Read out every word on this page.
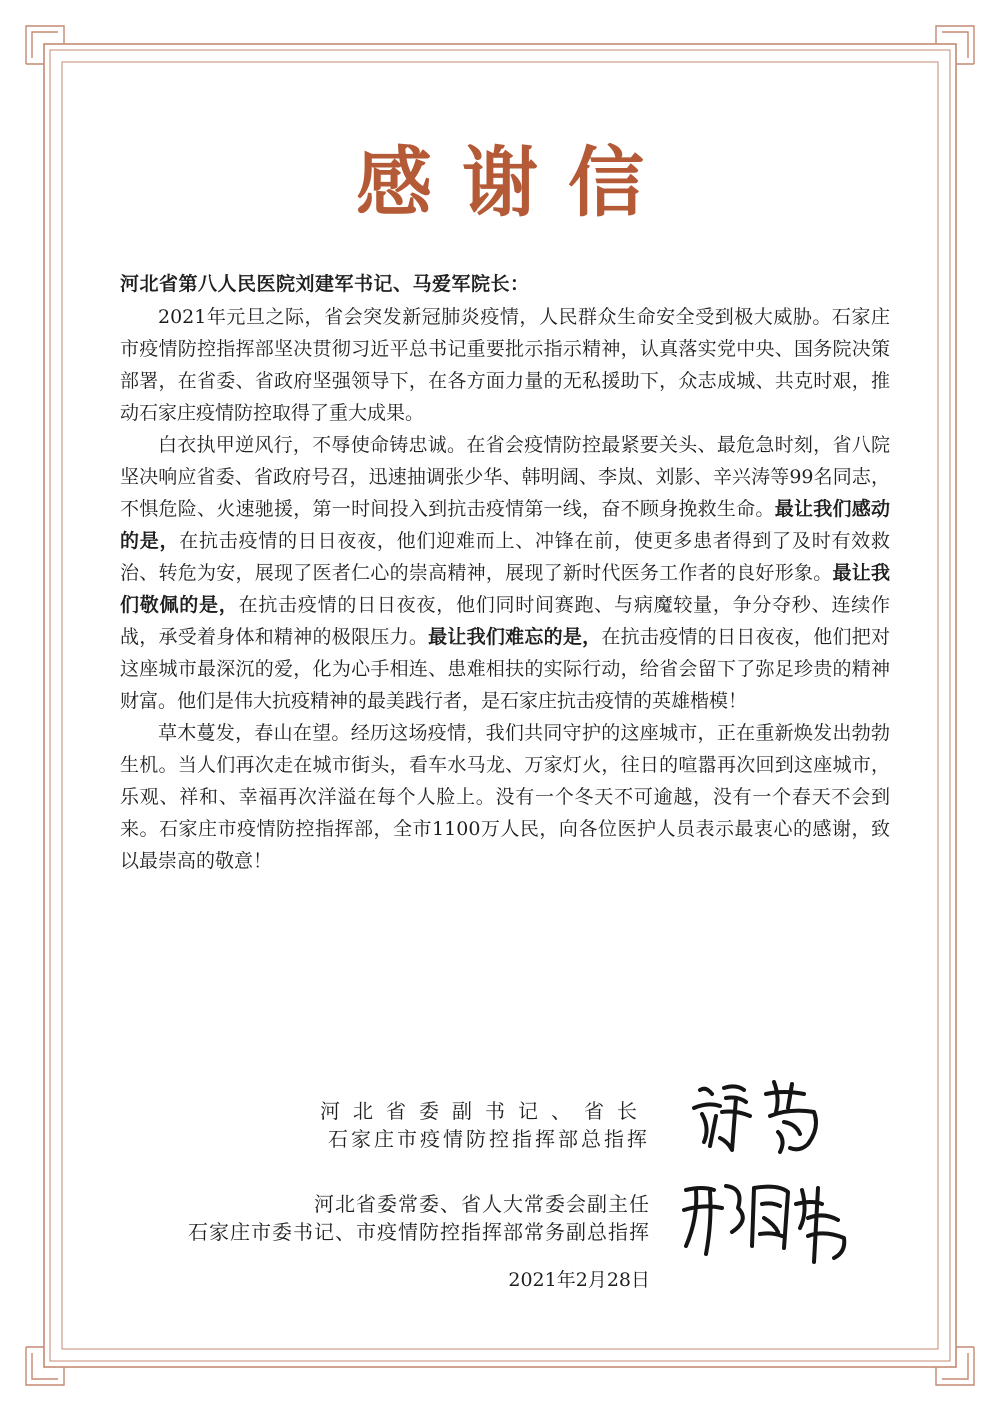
感谢信

河北省第八人民医院刘建军书记、马爱军院长：

2021年元旦之际，省会突发新冠肺炎疫情，人民群众生命安全受到极大威胁。石家庄市疫情防控指挥部坚决贯彻习近平总书记重要批示指示精神，认真落实党中央、国务院决策部署，在省委、省政府坚强领导下，在各方面力量的无私援助下，众志成城、共克时艰，推动石家庄疫情防控取得了重大成果。

白衣执甲逆风行，不辱使命铸忠诚。在省会疫情防控最紧要关头、最危急时刻，省八院坚决响应省委、省政府号召，迅速抽调张少华、韩明阔、李岚、刘影、辛兴涛等99名同志，不惧危险、火速驰援，第一时间投入到抗击疫情第一线，奋不顾身挽救生命。最让我们感动的是，在抗击疫情的日日夜夜，他们迎难而上、冲锋在前，使更多患者得到了及时有效救治、转危为安，展现了医者仁心的崇高精神，展现了新时代医务工作者的良好形象。最让我们敬佩的是，在抗击疫情的日日夜夜，他们同时间赛跑、与病魔较量，争分夺秒、连续作战，承受着身体和精神的极限压力。最让我们难忘的是，在抗击疫情的日日夜夜，他们把对这座城市最深沉的爱，化为心手相连、患难相扶的实际行动，给省会留下了弥足珍贵的精神财富。他们是伟大抗疫精神的最美践行者，是石家庄抗击疫情的英雄楷模！

草木蔓发，春山在望。经历这场疫情，我们共同守护的这座城市，正在重新焕发出勃勃生机。当人们再次走在城市街头，看车水马龙、万家灯火，往日的喧嚣再次回到这座城市，乐观、祥和、幸福再次洋溢在每个人脸上。没有一个冬天不可逾越，没有一个春天不会到来。石家庄市疫情防控指挥部，全市1100万人民，向各位医护人员表示最衷心的感谢，致以最崇高的敬意！

河北省委副书记、省长
石家庄市疫情防控指挥部总指挥
河北省委常委、省人大常委会副主任
石家庄市委书记、市疫情防控指挥部常务副总指挥
2021年2月28日
